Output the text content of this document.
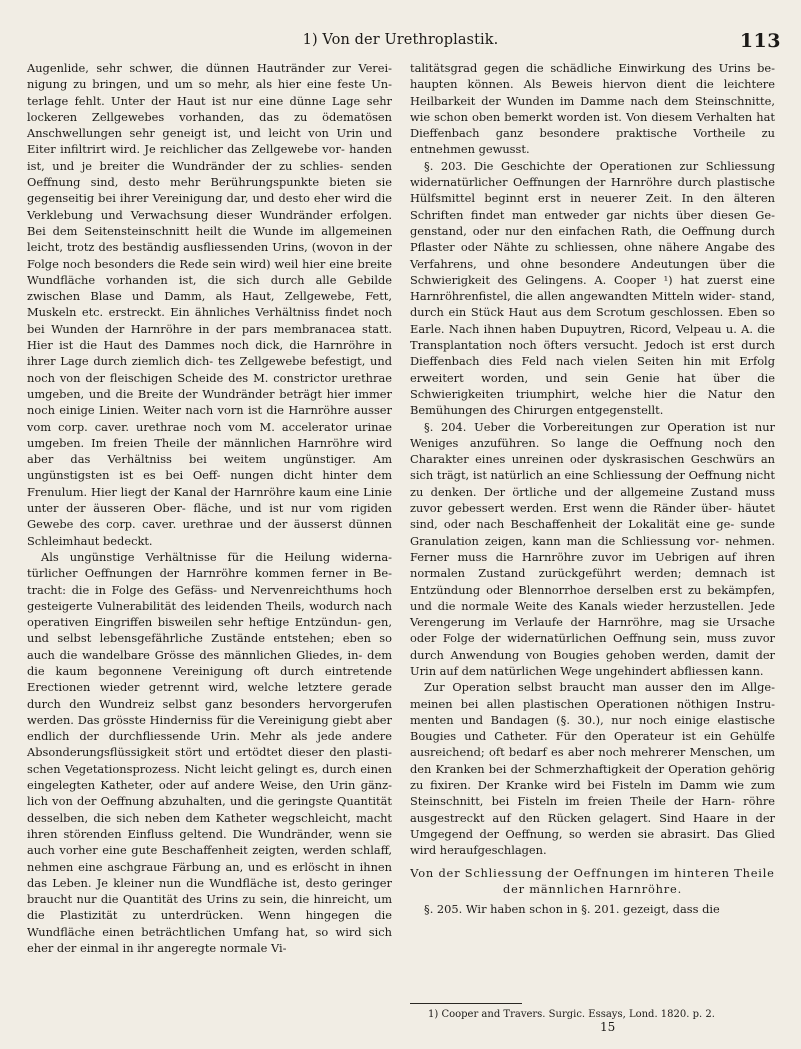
1) Von der Urethroplastik.	113

Augenlide, sehr schwer, die dünnen Hautränder zur Verei- nigung zu bringen, und um so mehr, als hier eine feste Un- terlage fehlt. Unter der Haut ist nur eine dünne Lage sehr lockeren Zellgewebes vorhanden, das zu ödematösen Anschwellungen sehr geneigt ist, und leicht von Urin und Eiter infiltrirt wird. Je reichlicher das Zellgewebe vor- handen ist, und je breiter die Wundränder der zu schlies- senden Oeffnung sind, desto mehr Berührungspunkte bieten sie gegenseitig bei ihrer Vereinigung dar, und desto eher wird die Verklebung und Verwachsung dieser Wundränder erfolgen. Bei dem Seitensteinschnitt heilt die Wunde im allgemeinen leicht, trotz des beständig ausfliessenden Urins, (wovon in der Folge noch besonders die Rede sein wird) weil hier eine breite Wundfläche vorhanden ist, die sich durch alle Gebilde zwischen Blase und Damm, als Haut, Zellgewebe, Fett, Muskeln etc. erstreckt. Ein ähnliches Verhältniss findet noch bei Wunden der Harnröhre in der pars membranacea statt. Hier ist die Haut des Dammes noch dick, die Harnröhre in ihrer Lage durch ziemlich dich- tes Zellgewebe befestigt, und noch von der fleischigen Scheide des M. constrictor urethrae umgeben, und die Breite der Wundränder beträgt hier immer noch einige Linien. Weiter nach vorn ist die Harnröhre ausser vom corp. caver. urethrae noch vom M. accelerator urinae umgeben. Im freien Theile der männlichen Harnröhre wird aber das Verhältniss bei weitem ungünstiger. Am ungünstigsten ist es bei Oeff- nungen dicht hinter dem Frenulum. Hier liegt der Kanal der Harnröhre kaum eine Linie unter der äusseren Ober- fläche, und ist nur vom rigiden Gewebe des corp. caver. urethrae und der äusserst dünnen Schleimhaut bedeckt.

Als ungünstige Verhältnisse für die Heilung widerna- türlicher Oeffnungen der Harnröhre kommen ferner in Be- tracht: die in Folge des Gefäss- und Nervenreichthums hoch gesteigerte Vulnerabilität des leidenden Theils, wodurch nach operativen Eingriffen bisweilen sehr heftige Entzündun- gen, und selbst lebensgefährliche Zustände entstehen; eben so auch die wandelbare Grösse des männlichen Gliedes, in- dem die kaum begonnene Vereinigung oft durch eintretende Erectionen wieder getrennt wird, welche letztere gerade durch den Wundreiz selbst ganz besonders hervorgerufen werden. Das grösste Hinderniss für die Vereinigung giebt aber endlich der durchfliessende Urin. Mehr als jede andere Absonderungsflüssigkeit stört und ertödtet dieser den plasti- schen Vegetationsprozess. Nicht leicht gelingt es, durch einen eingelegten Katheter, oder auf andere Weise, den Urin gänz- lich von der Oeffnung abzuhalten, und die geringste Quantität desselben, die sich neben dem Katheter wegschleicht, macht ihren störenden Einfluss geltend. Die Wundränder, wenn sie auch vorher eine gute Beschaffenheit zeigten, werden schlaff, nehmen eine aschgraue Färbung an, und es erlöscht in ihnen das Leben. Je kleiner nun die Wundfläche ist, desto geringer braucht nur die Quantität des Urins zu sein, die hinreicht, um die Plastizität zu unterdrücken. Wenn hingegen die Wundfläche einen beträchtlichen Umfang hat, so wird sich eher der einmal in ihr angeregte normale Vi-

talitätsgrad gegen die schädliche Einwirkung des Urins be- haupten können. Als Beweis hiervon dient die leichtere Heilbarkeit der Wunden im Damme nach dem Steinschnitte, wie schon oben bemerkt worden ist. Von diesem Verhalten hat Dieffenbach ganz besondere praktische Vortheile zu entnehmen gewusst.

§. 203. Die Geschichte der Operationen zur Schliessung widernatürlicher Oeffnungen der Harnröhre durch plastische Hülfsmittel beginnt erst in neuerer Zeit. In den älteren Schriften findet man entweder gar nichts über diesen Ge- genstand, oder nur den einfachen Rath, die Oeffnung durch Pflaster oder Nähte zu schliessen, ohne nähere Angabe des Verfahrens, und ohne besondere Andeutungen über die Schwierigkeit des Gelingens. A. Cooper ¹) hat zuerst eine Harnröhrenfistel, die allen angewandten Mitteln wider- stand, durch ein Stück Haut aus dem Scrotum geschlossen. Eben so Earle. Nach ihnen haben Dupuytren, Ricord, Velpeau u. A. die Transplantation noch öfters versucht. Jedoch ist erst durch Dieffenbach dies Feld nach vielen Seiten hin mit Erfolg erweitert worden, und sein Genie hat über die Schwierigkeiten triumphirt, welche hier die Natur den Bemühungen des Chirurgen entgegenstellt.

§. 204. Ueber die Vorbereitungen zur Operation ist nur Weniges anzuführen. So lange die Oeffnung noch den Charakter eines unreinen oder dyskrasischen Geschwürs an sich trägt, ist natürlich an eine Schliessung der Oeffnung nicht zu denken. Der örtliche und der allgemeine Zustand muss zuvor gebessert werden. Erst wenn die Ränder über- häutet sind, oder nach Beschaffenheit der Lokalität eine ge- sunde Granulation zeigen, kann man die Schliessung vor- nehmen. Ferner muss die Harnröhre zuvor im Uebrigen auf ihren normalen Zustand zurückgeführt werden; demnach ist Entzündung oder Blennorrhoe derselben erst zu bekämpfen, und die normale Weite des Kanals wieder herzustellen. Jede Verengerung im Verlaufe der Harnröhre, mag sie Ursache oder Folge der widernatürlichen Oeffnung sein, muss zuvor durch Anwendung von Bougies gehoben werden, damit der Urin auf dem natürlichen Wege ungehindert abfliessen kann.

Zur Operation selbst braucht man ausser den im Allge- meinen bei allen plastischen Operationen nöthigen Instru- menten und Bandagen (§. 30.), nur noch einige elastische Bougies und Catheter. Für den Operateur ist ein Gehülfe ausreichend; oft bedarf es aber noch mehrerer Menschen, um den Kranken bei der Schmerzhaftigkeit der Operation gehörig zu fixiren. Der Kranke wird bei Fisteln im Damm wie zum Steinschnitt, bei Fisteln im freien Theile der Harn- röhre ausgestreckt auf den Rücken gelagert. Sind Haare in der Umgegend der Oeffnung, so werden sie abrasirt. Das Glied wird heraufgeschlagen.

Von der Schliessung der Oeffnungen im hinteren Theile der männlichen Harnröhre.

§. 205. Wir haben schon in §. 201. gezeigt, dass die

1) Cooper and Travers. Surgic. Essays, Lond. 1820. p. 2.
15
